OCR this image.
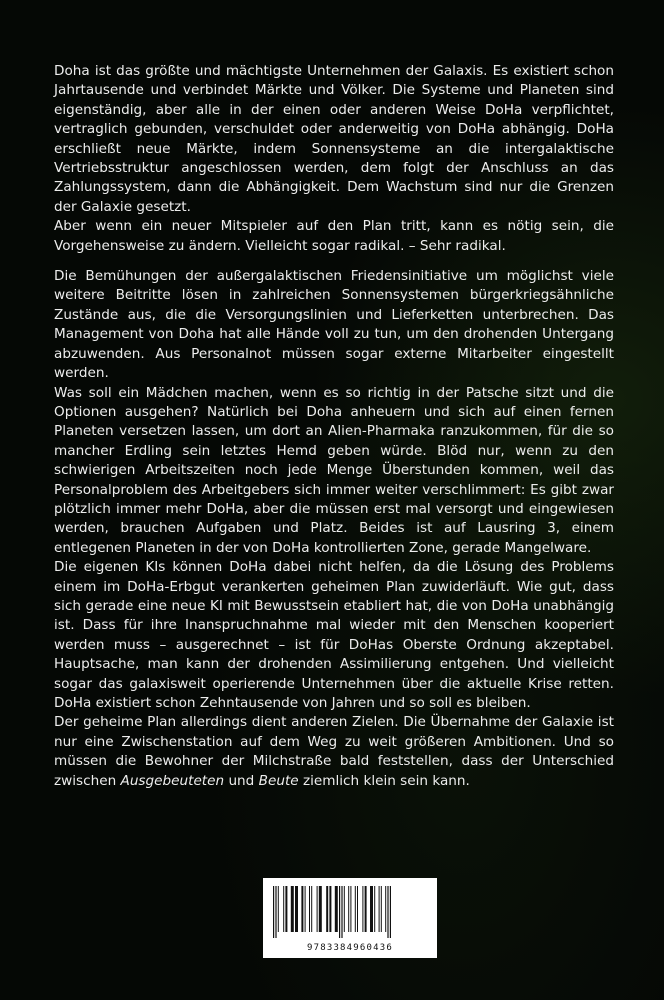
Doha ist das größte und mächtigste Unternehmen der Galaxis. Es existiert schon Jahrtausende und verbindet Märkte und Völker. Die Systeme und Planeten sind eigenständig, aber alle in der einen oder anderen Weise DoHa verpflichtet, vertraglich gebunden, verschuldet oder anderweitig von DoHa abhängig. DoHa erschließt neue Märkte, indem Sonnensysteme an die intergalaktische Vertriebsstruktur angeschlossen werden, dem folgt der Anschluss an das Zahlungssystem, dann die Abhängigkeit. Dem Wachstum sind nur die Grenzen der Galaxie gesetzt.

Aber wenn ein neuer Mitspieler auf den Plan tritt, kann es nötig sein, die Vorgehensweise zu ändern. Vielleicht sogar radikal. – Sehr radikal.

Die Bemühungen der außergalaktischen Friedensinitiative um möglichst viele weitere Beitritte lösen in zahlreichen Sonnensystemen bürgerkriegsähnliche Zustände aus, die die Versorgungslinien und Lieferketten unterbrechen. Das Management von Doha hat alle Hände voll zu tun, um den drohenden Untergang abzuwenden. Aus Personalnot müssen sogar externe Mitarbeiter eingestellt werden.

Was soll ein Mädchen machen, wenn es so richtig in der Patsche sitzt und die Optionen ausgehen? Natürlich bei Doha anheuern und sich auf einen fernen Planeten versetzen lassen, um dort an Alien-Pharmaka ranzukommen, für die so mancher Erdling sein letztes Hemd geben würde. Blöd nur, wenn zu den schwierigen Arbeitszeiten noch jede Menge Überstunden kommen, weil das Personalproblem des Arbeitgebers sich immer weiter verschlimmert: Es gibt zwar plötzlich immer mehr DoHa, aber die müssen erst mal versorgt und eingewiesen werden, brauchen Aufgaben und Platz. Beides ist auf Lausring 3, einem entlegenen Planeten in der von DoHa kontrollierten Zone, gerade Mangelware.

Die eigenen KIs können DoHa dabei nicht helfen, da die Lösung des Problems einem im DoHa-Erbgut verankerten geheimen Plan zuwiderläuft. Wie gut, dass sich gerade eine neue KI mit Bewusstsein etabliert hat, die von DoHa unabhängig ist. Dass für ihre Inanspruchnahme mal wieder mit den Menschen kooperiert werden muss – ausgerechnet – ist für DoHas Oberste Ordnung akzeptabel. Hauptsache, man kann der drohenden Assimilierung entgehen. Und vielleicht sogar das galaxisweit operierende Unternehmen über die aktuelle Krise retten. DoHa existiert schon Zehntausende von Jahren und so soll es bleiben.

Der geheime Plan allerdings dient anderen Zielen. Die Übernahme der Galaxie ist nur eine Zwischenstation auf dem Weg zu weit größeren Ambitionen. Und so müssen die Bewohner der Milchstraße bald feststellen, dass der Unterschied zwischen Ausgebeuteten und Beute ziemlich klein sein kann.

9783384960436
